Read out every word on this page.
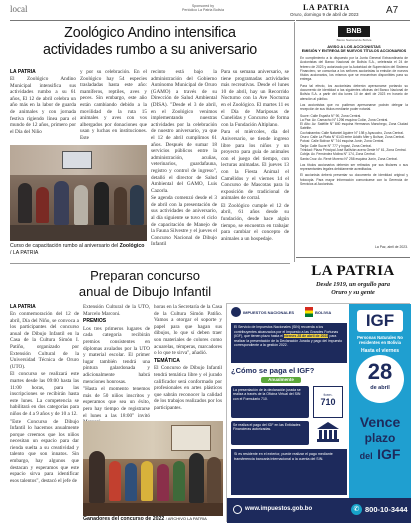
local	Sponsored by
Periódico La Patria Bolivia	LA PATRIA
Oruro, domingo 9 de abril de 2023	A7
Zoológico Andino intensifica
actividades rumbo a su aniversario
LA PATRIA
El Zoológico Andino Municipal intensifica sus actividades rumbo a su 61 años, El 12 de abril celebra un año más en la labor de guarda de animales y con jornada festiva rigiendo línea para el mundo de 12 años, primero por el Día del Niño
y por su celebración. En el Zoológico hay 54 especies trasladadas hasta este año: mamíferos, reptiles, aves y peces. Sin embargo, este año están cambiando debido a la movilidad de la ruta 15 animales y aves con vos albergados por donaciones que usan y luchas en instituciones. Este

recinto está bajo la administración del Gobierno Autónomo Municipal de Oruro (GAMO) a través de su Dirección de Salud Ambiental (DISA). "Desde el 3 de abril, en el Zoológico venimos implementando nuestras actividades por la celebración de nuestro aniversario, ya que el 12 de abril cumplimos 61 años. Después de sumar 18 servicios públicos entre la administración, acuñas, veterinarios, guardafauna, registro y control de ingreso", detalló el director de Salud Ambiental del GAMO, Luis Cazorla.

Se agenda comenzó desde el 3 de abril con la presentación de sus actividades de aniversario, al día siguiente se tuvo el ciclo de capacitación de Manejo de la Fauna Silvestre y el jueves el Concurso Nacional de Dibujo Infantil

Para su semana aniversario, se tiene programadas actividades más recreativas. Desde el lunes 10 de abril, hay un Recorrido Nocturno con la Ave Nocturna en el Zoológico. El martes 11 es el Día de Mariposas de Cunelidas y Concurso de forma con la Fundación Altiplano.

Para el miércoles, día del Aniversario, se tiende ingreso libre para los niños y un proyecto para guía de animales con el juego del tiempo, con lecturas animadas. El jueves 13 con la Fiesta Animal el Camélidos y el viernes 14 el Concurso de Mascotas para la exposición de tradicional de animales de corral.

El Zoológico cumple el 12 de abril, 61 años desde su fundación, desde hace algún tiempo, se encuentra en trabajar para cambiar el concepto de animales a un hospedaje.

Curso de capacitación rumbo al aniversario del Zoológico / LA PATRIA
BNB
Banco Nacional de Bolivia
AVISO A LOS ACCIONISTAS
EMISIÓN Y ENTREGA DE NUEVOS TÍTULOS ACCIONARIOS

En cumplimiento a lo dispuesto por la Junta General Extraordinaria de Accionistas del Banco Nacional de Bolivia S.A., celebrada el 24 de febrero de 2023 y autorizado por la Autoridad de Supervisión del Sistema Financiero, se comunica a los señores accionistas la emisión de nuevos títulos accionarios, los mismos que se encuentran disponibles para su entrega.

Para tal efecto, los accionistas deberán apersonarse portando su documento de identidad a las siguientes oficinas del Banco Nacional de Bolivia S.A. a partir del día lunes 10 de abril de 2023 en horario de atención al público.

Los accionistas que no pudieran apersonarse podrán delegar la recepción de sus títulos mediante poder notarial.

Sucre: Calle España N° 90, Zona Central.
La Paz: Av. Camacho N° 1296 esquina Colón, Zona Central.
El Alto: Av. Satélite N° 840 esquina Hermanos Manchego, Zona Ciudad Satélite.
Cochabamba: Calle Nataniel Aguirre N° 198 y Ayacucho, Zona Central.
Oruro: Calle La Plata N° 6143 entre Adolfo Mier y Bolívar, Zona Central.
Potosí: Calle Bolívar N° 744 esquina Junín, Zona Central.
Tarija: Calle Sucre N° 777 y Ingavi, Zona Central.
Trinidad: Plaza Principal José Ballivián acera Oeste N° 61, Zona Central.
Cobija: Av. Fernández Molina N° 174, Zona Central.
Santa Cruz: Av. René Moreno N° 258 esquina Junín, Zona Central.

Los títulos accionarios deberán ser retirados por sus titulares o sus representantes legales debidamente acreditados.

El accionista deberá presentar su documento de identidad original y fotocopia. Para mayor información comunicarse con la Gerencia de Servicios al Accionista.

La Paz, abril de 2023.
LA PATRIA
Desde 1919, un orgullo para
Oruro y su gente
Preparan concurso
anual de Dibujo Infantil
LA PATRIA

En conmemoración del 12 de abril, Día del Niño, se convoca a los participantes del concurso anual de Dibujo Infantil en la Casa de la Cultura Simón I. Patiño, organizado por Extensión Cultural de la Universidad Técnica de Oruro (UTO).

El concurso se realizará este martes desde las 09:00 hasta las 11:00 horas, para las inscripciones se recibirán hasta este lunes. La competencia se habilitará en dos categorías para niños de 4 a 9 años y de 10 a 12.

"Este Concurso de Dibujo Infantil lo hacemos anualmente porque creemos que los niños necesitan un espacio para dar rienda suelta a su creatividad y talento que son innatos. Sin embargo, hay algunos que destacan y esperamos que este espacio sirva para identificar esos talentos", destacó el jefe de

Extensión Cultural de la UTO, Marcelo Marconi.

PREMIOS

Los tres primeros lugares de cada categoría recibirán premios consistentes en diplomas avalados por la UTO y material escolar. El primer lugar también tendrá una pintura galardonada y adicionalmente habrá menciones honrosas.

"Hasta el momento tenemos más de 50 niños inscritos y esperamos que sea un éxito, pero hay tiempo de registrarse el lunes a las 18:00" invitó

horas en la Secretaría de la Casa de la Cultura Simón Patiño. Vamos a otorgar el soporte y papel para que hagan sus dibujos, lo que sí deben traer son materiales de colores como acuarelas, témperas, marcadores o lo que te sirva", añadió.

TEMÁTICA

El Concurso de Dibujo Infantil tendrá temática libre y el jurado calificador será conformado por profesionales en artes plásticos que sabrán reconocer la calidad de los trabajos realizados por los participantes.

Ganadores del concurso de 2022 / ARCHIVO LA PATRIA
IMPUESTOS NACIONALES	BOLIVIA	IGF
Personas Naturales No residentes en Bolivia
Hasta el viernes
28
de abril
Vence
plazo
del IGF
El Servicio de Impuestos Nacionales (SIN) recuerda a los contribuyentes alcanzados por el Impuesto a las Grandes Fortunas (IGF), que tienen plazo hasta el viernes 28 de abril de 2023 para realizar la presentación de la Declaración Jurada y pago del impuesto correspondiente a la gestión 2022.
¿Cómo se paga el IGF?
Anualmente
La presentación de la declaración jurada se realiza a través de la Oficina Virtual del SIN con el Formulario 710.
form.
710
Se realiza el pago del IGF en las Entidades Financieras autorizadas.
Si es residente en el exterior, puede realizar el pago mediante transferencia bancaria internacional a la cuenta del SIN.
www.impuestos.gob.bo	✆ 800-10-3444
